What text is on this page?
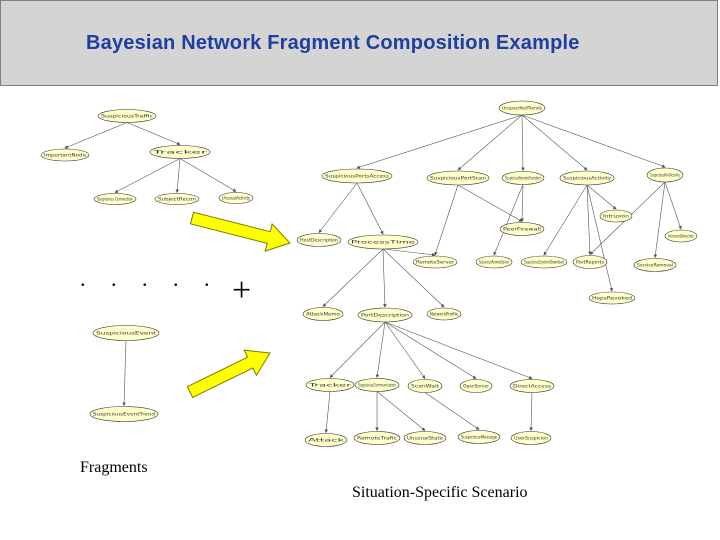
Bayesian Network Fragment Composition Example
SuspiciousTraffic
ImportantNode
Tracker
Suspicious Connection	SubjectRecon	UnusualActivity
SuspiciousEvent
SuspiciousEventTrend
UnspecifiedTrends
SuspiciousPortsAccess	SuspiciousPortScan	SuspiciousRemoteTransfers	SuspiciousActivity
SuspiciousPortActivity
PeerFirewall
Intrusion
IntrusionDetection
HostDescription	ProcessTime
RemoteServer	SuspiciousRemoteServer	SuspiciousSystemDownload	PortReports
ServiceRemoval
HopsRevoked
AttackMemo	PortDescription	NetworkProfile
Tracker SuspiciousCommunication	ScanWait	OpenServer	DirectAccess
Attack	RemoteTrafic	UnusualState	SuspiciousMessage	UserSuspicion
. . . . . +
Fragments
Situation-Specific Scenario
